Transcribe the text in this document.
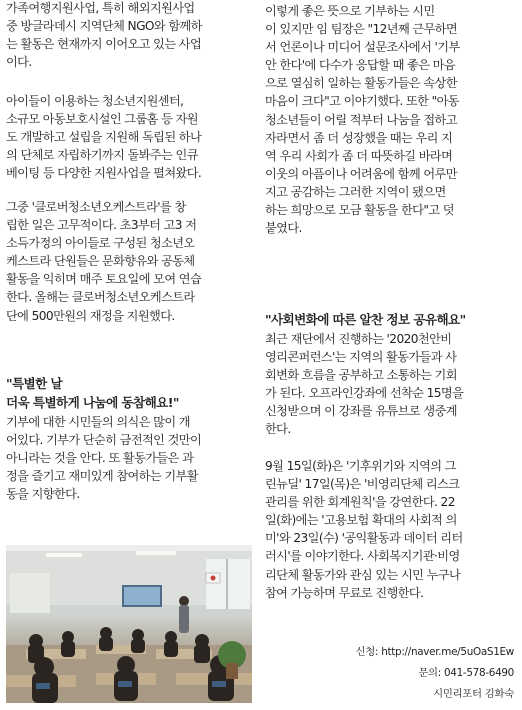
가족여행지원사업, 특히 해외지원사업
중 방글라데시 지역단체 NGO와 함께하
는 활동은 현재까지 이어오고 있는 사업
이다.

아이들이 이용하는 청소년지원센터,
소규모 아동보호시설인 그룹홈 등 자원
도 개발하고 설립을 지원해 독립된 하나
의 단체로 자립하기까지 돌봐주는 인큐
베이팅 등 다양한 지원사업을 펼쳐왔다.

그중 '클로버청소년오케스트라'를 창
립한 일은 고무적이다. 초3부터 고3 저
소득가정의 아이들로 구성된 청소년오
케스트라 단원들은 문화향유와 공동체
활동을 익히며 매주 토요일에 모여 연습
한다. 올해는 클로버청소년오케스트라
단에 500만원의 재정을 지원했다.

"특별한 날
더욱 특별하게 나눔에 동참해요!"

기부에 대한 시민들의 의식은 많이 개
어있다. 기부가 단순히 금전적인 것만이
아니라는 것을 안다. 또 활동가들은 과
정을 즐기고 재미있게 참여하는 기부활
동을 지향한다.

이렇게 좋은 뜻으로 기부하는 시민
이 있지만 임 팀장은 "12년째 근무하면
서 언론이나 미디어 설문조사에서 '기부
안 한다'에 다수가 응답할 때 좋은 마음
으로 열심히 일하는 활동가들은 속상한
마음이 크다"고 이야기했다. 또한 "아동
청소년들이 어릴 적부터 나눔을 접하고
자라면서 좀 더 성장했을 때는 우리 지
역 우리 사회가 좀 더 따뜻하길 바라며
이웃의 아픔이나 어려움에 함께 어루만
지고 공감하는 그러한 지역이 됐으면
하는 희망으로 모금 활동을 한다"고 덧
붙였다.

"사회변화에 따른 알찬 정보 공유해요"

최근 재단에서 진행하는 '2020천안비
영리콘퍼런스'는 지역의 활동가들과 사
회변화 흐름을 공부하고 소통하는 기회
가 된다. 오프라인강좌에 선착순 15명을
신청받으며 이 강좌를 유튜브로 생중계
한다.

9월 15일(화)은 '기후위기와 지역의 그
린뉴딜' 17일(목)은 '비영리단체 리스크
관리를 위한 회계원칙'을 강연한다. 22
일(화)에는 '고용보험 확대의 사회적 의
미'와 23일(수) '공익활동과 데이터 리터
러시'를 이야기한다. 사회복지기관·비영
리단체 활동가와 관심 있는 시민 누구나
참여 가능하며 무료로 진행한다.

신청: http://naver.me/5uOaS1Ew
문의: 041-578-6490
시민리포터 김화숙
